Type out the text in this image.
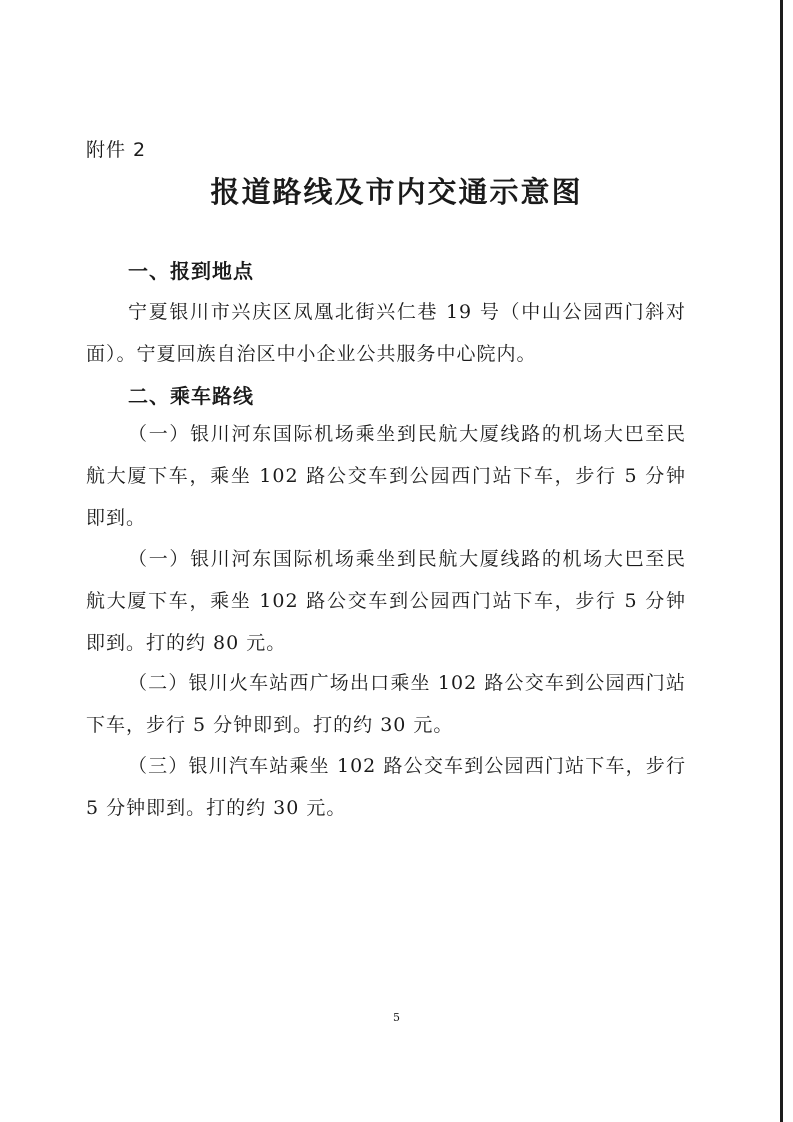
附件 2
报道路线及市内交通示意图
一、报到地点
宁夏银川市兴庆区凤凰北街兴仁巷 19 号（中山公园西门斜对面）。宁夏回族自治区中小企业公共服务中心院内。
二、乘车路线
（一）银川河东国际机场乘坐到民航大厦线路的机场大巴至民航大厦下车，乘坐 102 路公交车到公园西门站下车，步行 5 分钟即到。
（一）银川河东国际机场乘坐到民航大厦线路的机场大巴至民航大厦下车，乘坐 102 路公交车到公园西门站下车，步行 5 分钟即到。打的约 80 元。
（二）银川火车站西广场出口乘坐 102 路公交车到公园西门站下车，步行 5 分钟即到。打的约 30 元。
（三）银川汽车站乘坐 102 路公交车到公园西门站下车，步行 5 分钟即到。打的约 30 元。
5
